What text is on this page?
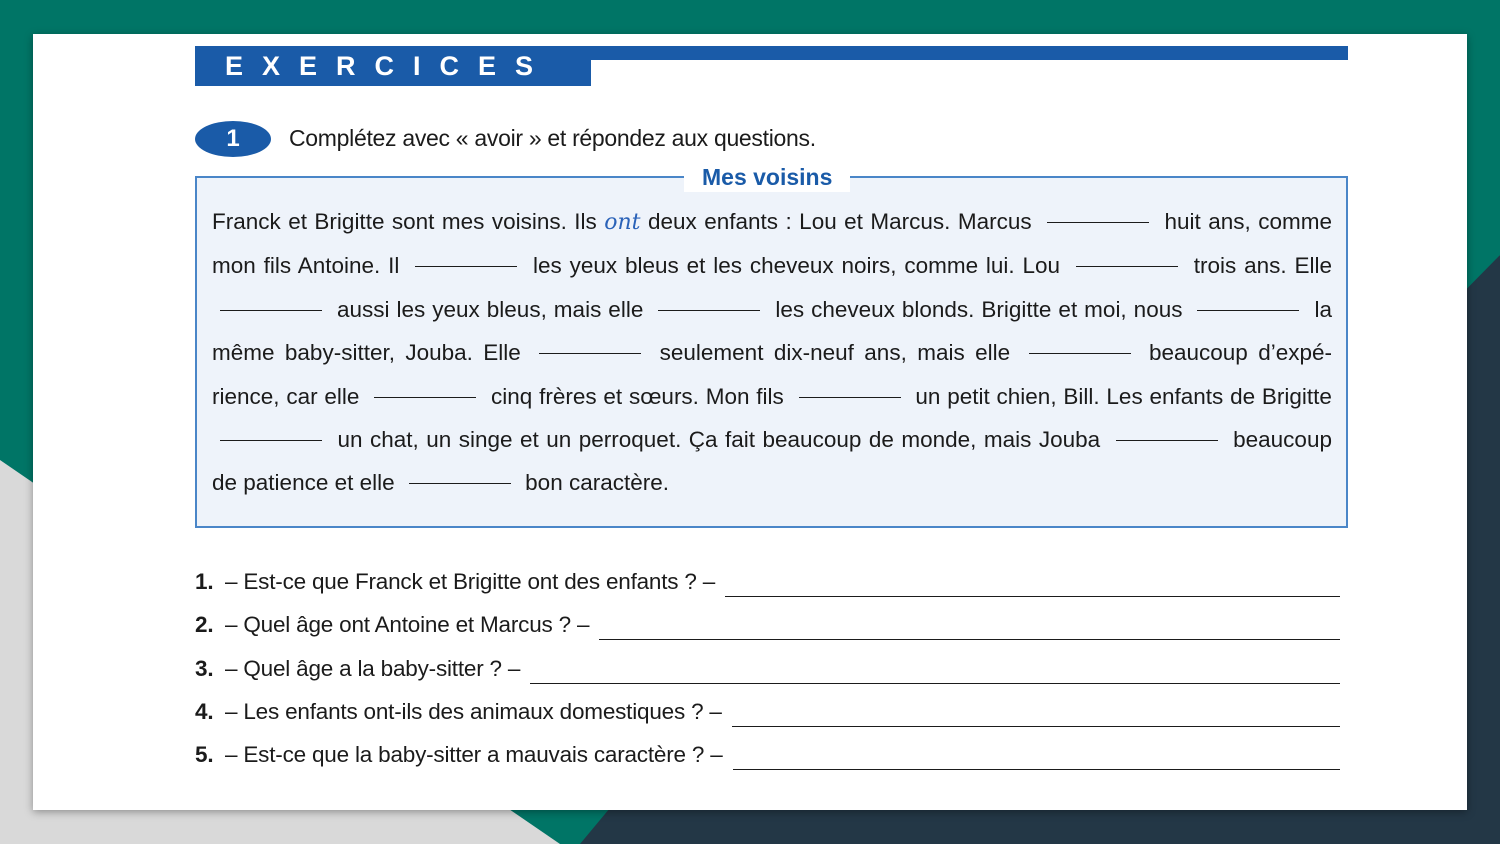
EXERCICES
1	Complétez avec « avoir » et répondez aux questions.
Mes voisins
Franck et Brigitte sont mes voisins. Ils ont deux enfants : Lou et Marcus. Marcus	huit ans, comme mon fils Antoine. Il	les yeux bleus et les cheveux noirs, comme lui. Lou	trois ans. Elle  aussi les yeux bleus, mais elle	les cheveux blonds. Brigitte et moi, nous	la même baby-sitter, Jouba. Elle	seulement dix-neuf ans, mais elle	beaucoup d’expérience, car elle	cinq frères et sœurs. Mon fils	un petit chien, Bill. Les enfants de Brigitte  un chat, un singe et un perroquet. Ça fait beaucoup de monde, mais Jouba	beaucoup de patience et elle	bon caractère.
1. – Est-ce que Franck et Brigitte ont des enfants ? –
2. – Quel âge ont Antoine et Marcus ? –
3. – Quel âge a la baby-sitter ? –
4. – Les enfants ont-ils des animaux domestiques ? –
5. – Est-ce que la baby-sitter a mauvais caractère ? –
